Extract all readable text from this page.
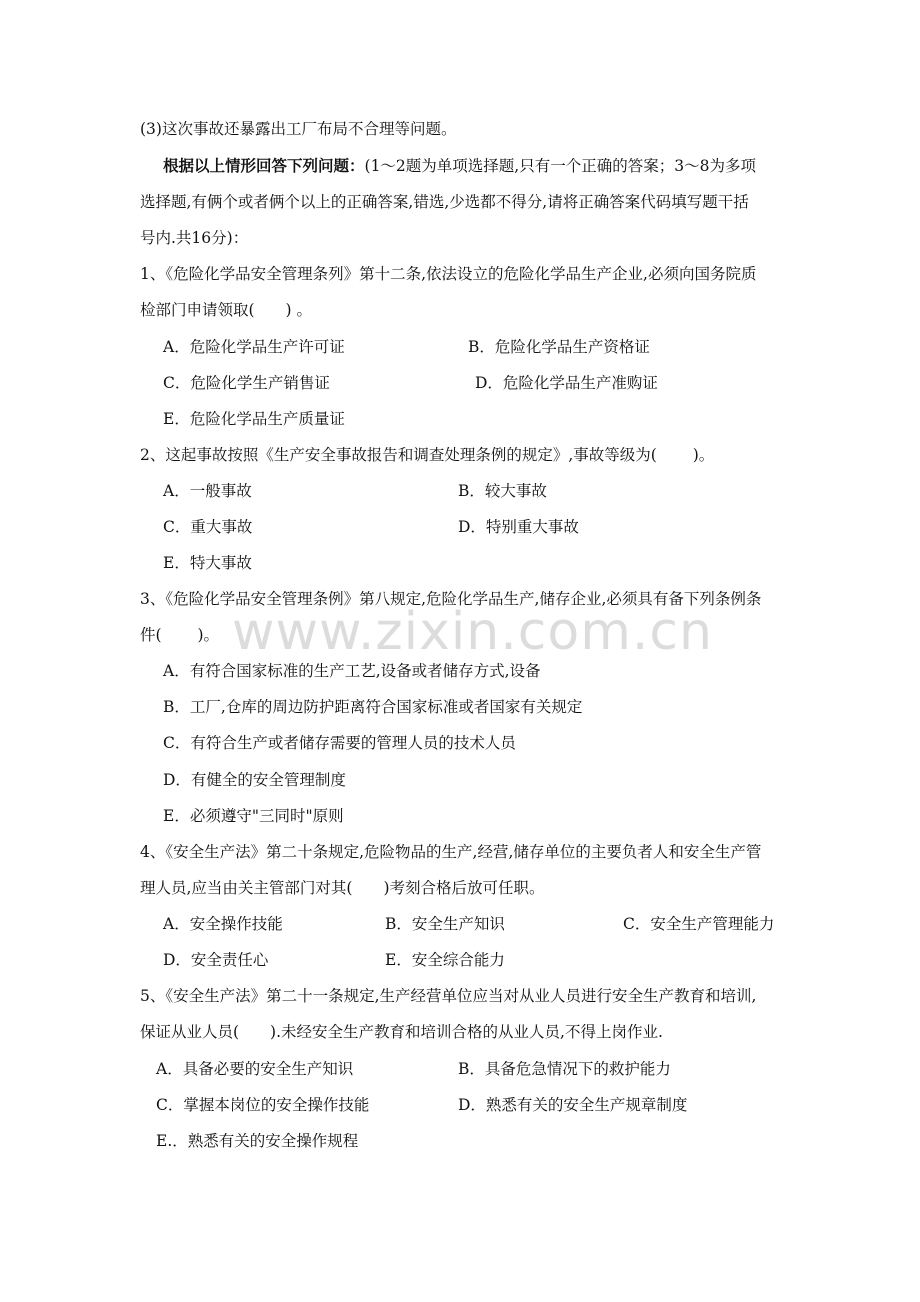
www.zixin.com.cn
(3)这次事故还暴露出工厂布局不合理等问题。
根据以上情形回答下列问题：(1～2题为单项选择题,只有一个正确的答案；3～8为多项
选择题,有俩个或者俩个以上的正确答案,错选,少选都不得分,请将正确答案代码填写题干括
号内.共16分)：
1、《危险化学品安全管理条列》第十二条,依法设立的危险化学品生产企业,必须向国务院质
检部门申请领取(　　) 。
A．危险化学品生产许可证	B．危险化学品生产资格证
C．危险化学生产销售证	D．危险化学品生产准购证
E．危险化学品生产质量证
2、这起事故按照《生产安全事故报告和调查处理条例的规定》,事故等级为(　　 )。
A．一般事故	B．较大事故
C．重大事故	D．特别重大事故
E．特大事故
3、《危险化学品安全管理条例》第八规定,危险化学品生产,储存企业,必须具有备下列条例条
件(　　 )。
A．有符合国家标准的生产工艺,设备或者储存方式,设备
B．工厂,仓库的周边防护距离符合国家标准或者国家有关规定
C．有符合生产或者储存需要的管理人员的技术人员
D．有健全的安全管理制度
E．必须遵守"三同时"原则
4、《安全生产法》第二十条规定,危险物品的生产,经营,储存单位的主要负者人和安全生产管
理人员,应当由关主管部门对其(　　)考刻合格后放可任职。
A．安全操作技能	B．安全生产知识	C．安全生产管理能力
D．安全责任心	E．安全综合能力
5、《安全生产法》第二十一条规定,生产经营单位应当对从业人员进行安全生产教育和培训,
保证从业人员(　　).未经安全生产教育和培训合格的从业人员,不得上岗作业.
A．具备必要的安全生产知识	B．具备危急情况下的救护能力
C．掌握本岗位的安全操作技能	D．熟悉有关的安全生产规章制度
E.．熟悉有关的安全操作规程
